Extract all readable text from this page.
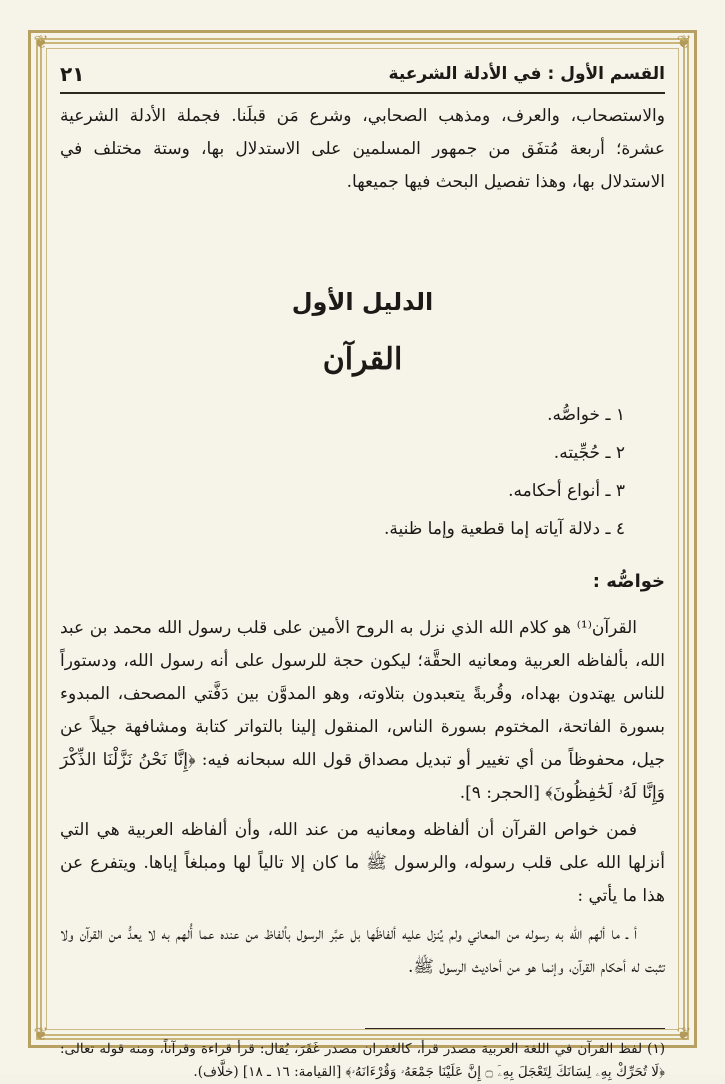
❦	❦
❦	❦
القسم الأول : في الأدلة الشرعية
٢١

والاستصحاب، والعرف، ومذهب الصحابي، وشرع مَن قبلَنا. فجملة الأدلة الشرعية عشرة؛ أربعة مُتفَق من جمهور المسلمين على الاستدلال بها، وستة مختلف في الاستدلال بها، وهذا تفصيل البحث فيها جميعها.

الدليل الأول
القرآن
١ ـ خواصُّه.
٢ ـ حُجِّيته.
٣ ـ أنواع أحكامه.
٤ ـ دلالة آياته إما قطعية وإما ظنية.
خواصُّه :

القرآن⁽¹⁾ هو كلام الله الذي نزل به الروح الأمين على قلب رسول الله محمد بن عبد الله، بألفاظه العربية ومعانيه الحقَّة؛ ليكون حجة للرسول على أنه رسول الله، ودستوراً للناس يهتدون بهداه، وقُربةً يتعبدون بتلاوته، وهو المدوَّن بين دَفَّتي المصحف، المبدوء بسورة الفاتحة، المختوم بسورة الناس، المنقول إلينا بالتواتر كتابة ومشافهة جيلاً عن جيل، محفوظاً من أي تغيير أو تبديل مصداق قول الله سبحانه فيه: ﴿إِنَّا نَحْنُ نَزَّلْنَا الذِّكْرَ وَإِنَّا لَهُۥ لَحَٰفِظُونَ﴾ [الحجر: ٩].

فمن خواص القرآن أن ألفاظه ومعانيه من عند الله، وأن ألفاظه العربية هي التي أنزلها الله على قلب رسوله، والرسول ﷺ ما كان إلا تالياً لها ومبلغاً إياها. ويتفرع عن هذا ما يأتي :

أ ـ ما ألهم الله به رسوله من المعاني ولم يُنزل عليه ألفاظَها بل عبَّر الرسول بألفاظ من عنده عما أُلهم به لا يعدُّ من القرآن ولا تثبت له أحكام القرآن، وإنما هو من أحاديث الرسول ﷺ.

(١) لفظ القرآن في اللغة العربية مصدر قرأ، كالغفران مصدر غَفَرَ، يُقال: قرأ قراءة وقرآناً، ومنه قوله تعالى: ﴿لَا تُحَرِّكْ بِهِۦ لِسَانَكَ لِتَعْجَلَ بِهِۦٓ ۝ إِنَّ عَلَيْنَا جَمْعَهُۥ وَقُرْءَانَهُۥ﴾ [القيامة: ١٦ ـ ١٨] (خلَّاف).
